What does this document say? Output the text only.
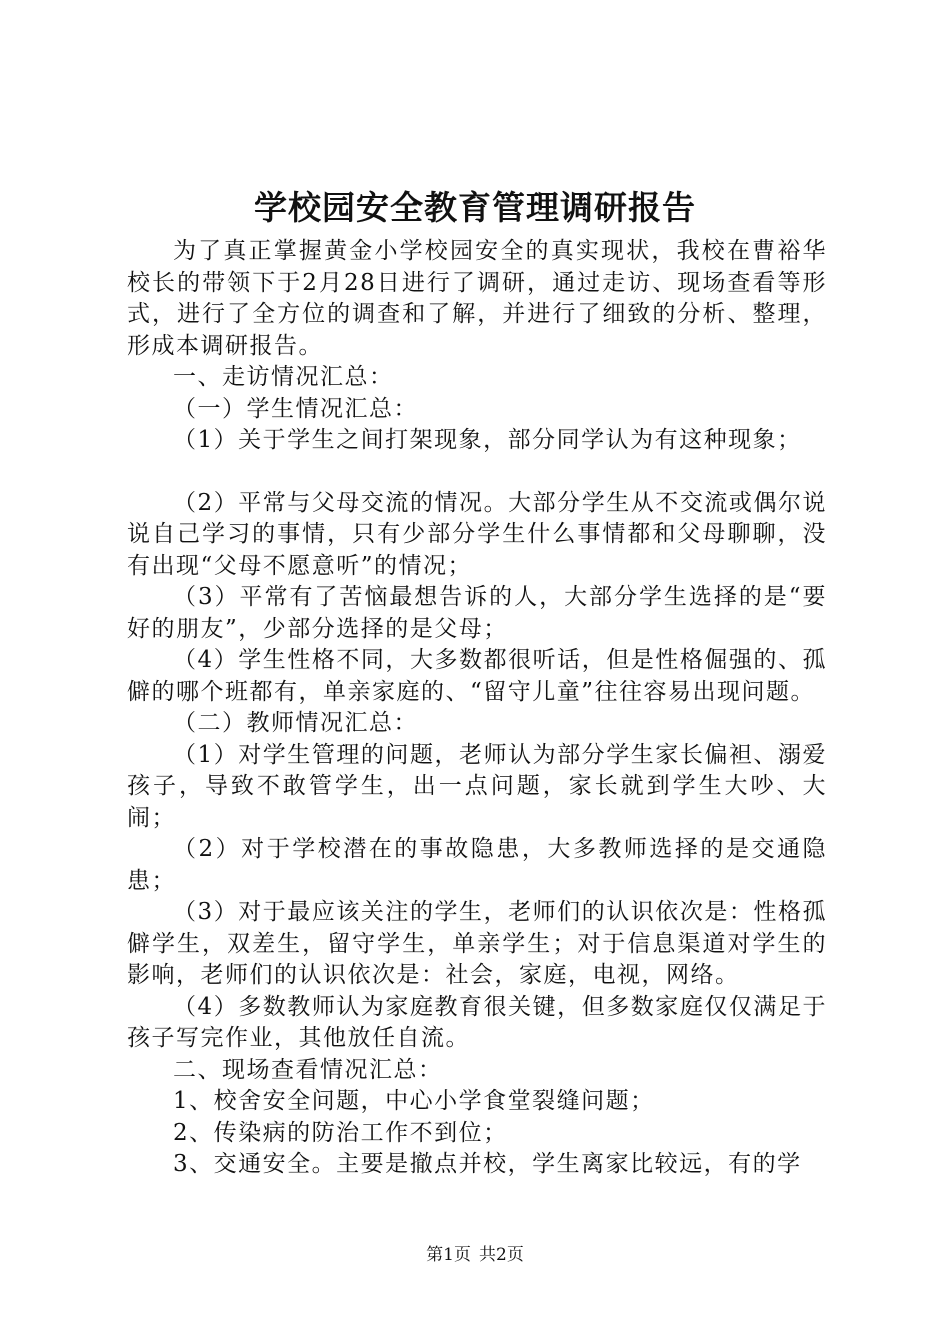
学校园安全教育管理调研报告

为了真正掌握黄金小学校园安全的真实现状，我校在曹裕华校长的带领下于2月28日进行了调研，通过走访、现场查看等形式，进行了全方位的调查和了解，并进行了细致的分析、整理，形成本调研报告。

一、走访情况汇总：

（一）学生情况汇总：

（1）关于学生之间打架现象，部分同学认为有这种现象；

（2）平常与父母交流的情况。大部分学生从不交流或偶尔说说自己学习的事情，只有少部分学生什么事情都和父母聊聊，没有出现“父母不愿意听”的情况；

（3）平常有了苦恼最想告诉的人，大部分学生选择的是“要好的朋友”，少部分选择的是父母；

（4）学生性格不同，大多数都很听话，但是性格倔强的、孤僻的哪个班都有，单亲家庭的、“留守儿童”往往容易出现问题。

（二）教师情况汇总：

（1）对学生管理的问题，老师认为部分学生家长偏袒、溺爱孩子，导致不敢管学生，出一点问题，家长就到学生大吵、大闹；

（2）对于学校潜在的事故隐患，大多教师选择的是交通隐患；

（3）对于最应该关注的学生，老师们的认识依次是：性格孤僻学生，双差生，留守学生，单亲学生；对于信息渠道对学生的影响，老师们的认识依次是：社会，家庭，电视，网络。

（4）多数教师认为家庭教育很关键，但多数家庭仅仅满足于孩子写完作业，其他放任自流。

二、现场查看情况汇总：

1、校舍安全问题，中心小学食堂裂缝问题；

2、传染病的防治工作不到位；

3、交通安全。主要是撤点并校，学生离家比较远，有的学

第1页 共2页
